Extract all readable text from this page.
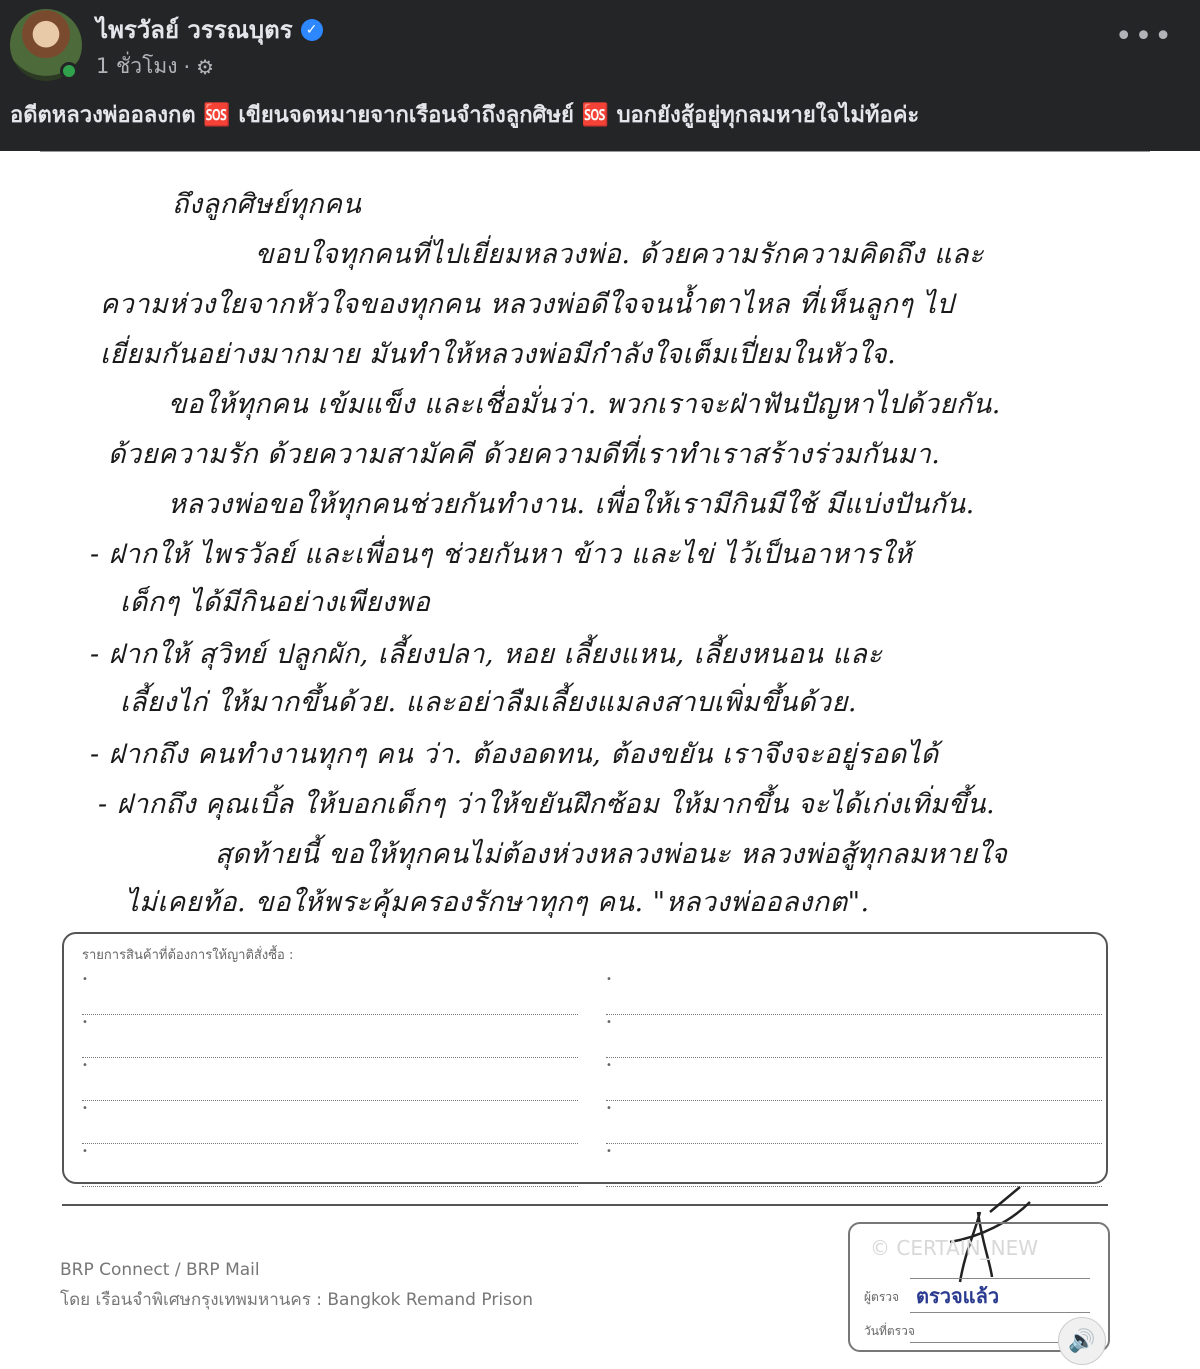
ไพรวัลย์ วรรณบุตร ✓
1 ชั่วโมง · ⚙
•••
อดีตหลวงพ่ออลงกต 🆘 เขียนจดหมายจากเรือนจำถึงลูกศิษย์ 🆘 บอกยังสู้อยู่ทุกลมหายใจไม่ท้อค่ะ
ถึงลูกศิษย์ทุกคน
ขอบใจทุกคนที่ไปเยี่ยมหลวงพ่อ. ด้วยความรักความคิดถึง และ
ความห่วงใยจากหัวใจของทุกคน หลวงพ่อดีใจจนน้ำตาไหล ที่เห็นลูกๆ ไป
เยี่ยมกันอย่างมากมาย มันทำให้หลวงพ่อมีกำลังใจเต็มเปี่ยมในหัวใจ.
ขอให้ทุกคน เข้มแข็ง และเชื่อมั่นว่า. พวกเราจะฝ่าฟันปัญหาไปด้วยกัน.
ด้วยความรัก ด้วยความสามัคคี ด้วยความดีที่เราทำเราสร้างร่วมกันมา.
หลวงพ่อขอให้ทุกคนช่วยกันทำงาน. เพื่อให้เรามีกินมีใช้ มีแบ่งปันกัน.
- ฝากให้ ไพรวัลย์ และเพื่อนๆ ช่วยกันหา ข้าว และไข่ ไว้เป็นอาหารให้
เด็กๆ ได้มีกินอย่างเพียงพอ
- ฝากให้ สุวิทย์ ปลูกผัก, เลี้ยงปลา, หอย เลี้ยงแหน, เลี้ยงหนอน และ
เลี้ยงไก่ ให้มากขึ้นด้วย. และอย่าลืมเลี้ยงแมลงสาบเพิ่มขึ้นด้วย.
- ฝากถึง คนทำงานทุกๆ คน ว่า. ต้องอดทน, ต้องขยัน เราจึงจะอยู่รอดได้
- ฝากถึง คุณเบิ้ล ให้บอกเด็กๆ ว่าให้ขยันฝึกซ้อม ให้มากขึ้น จะได้เก่งเทิ่มขึ้น.
สุดท้ายนี้ ขอให้ทุกคนไม่ต้องห่วงหลวงพ่อนะ หลวงพ่อสู้ทุกลมหายใจ
ไม่เคยท้อ. ขอให้พระคุ้มครองรักษาทุกๆ คน. "หลวงพ่ออลงกต".
รายการสินค้าที่ต้องการให้ญาติสั่งซื้อ :
•
•
•
•
•
•
•
•
•
•
BRP Connect / BRP Mail
โดย เรือนจำพิเศษกรุงเทพมหานคร : Bangkok Remand Prison
© CERTAIN_NEW
ผู้ตรวจ ตรวจแล้ว
วันที่ตรวจ	🔊
